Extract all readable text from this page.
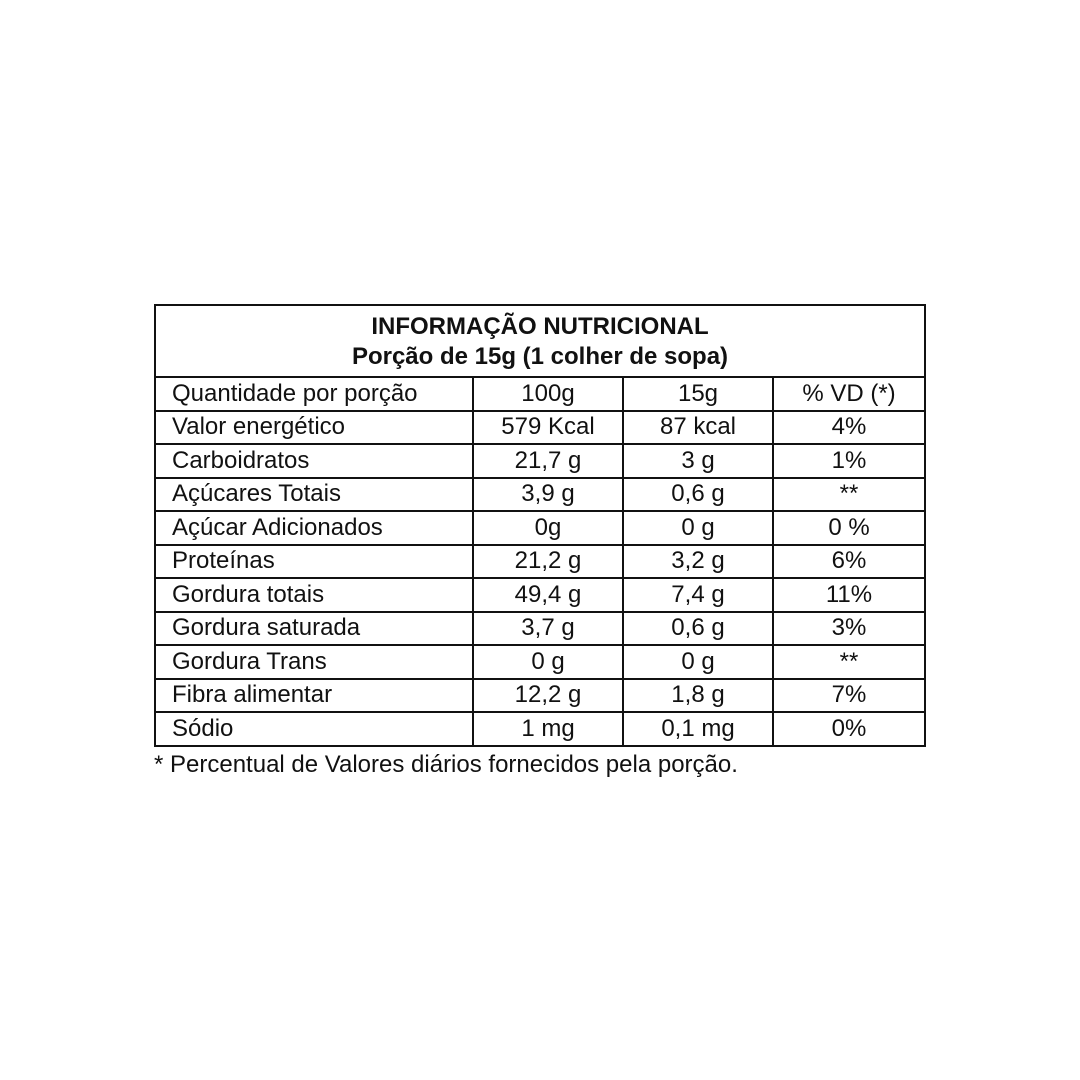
INFORMAÇÃO NUTRICIONAL
Porção de 15g (1 colher de sopa)			

Quantidade por porção	100g	15g	% VD (*)
Valor energético	579 Kcal	87 kcal	4%
Carboidratos	21,7 g	3 g	1%
Açúcares Totais	3,9 g	0,6 g	**
Açúcar Adicionados	0g	0 g	0 %
Proteínas	21,2 g	3,2 g	6%
Gordura totais	49,4 g	7,4 g	11%
Gordura saturada	3,7 g	0,6 g	3%
Gordura Trans	0 g	0 g	**
Fibra alimentar	12,2 g	1,8 g	7%
Sódio	1 mg	0,1 mg	0%
* Percentual de Valores diários fornecidos pela porção.
